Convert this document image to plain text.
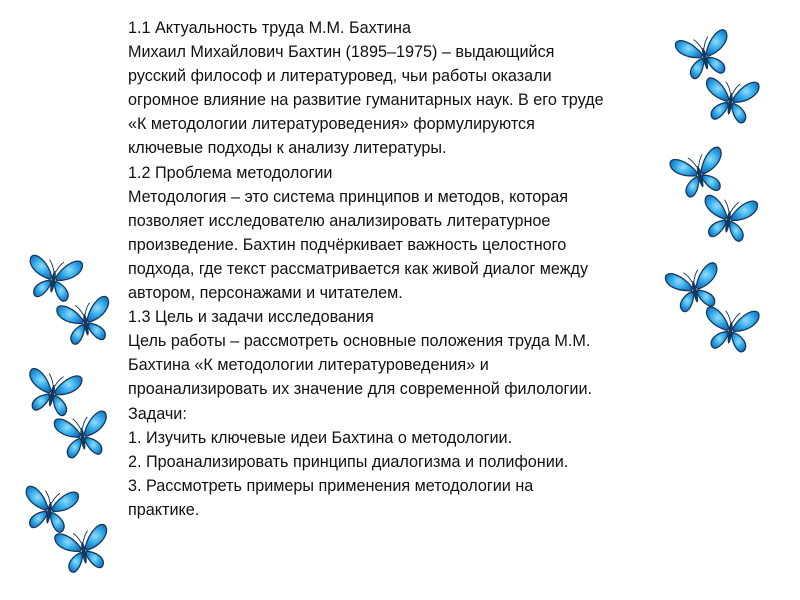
1.1 Актуальность труда М.М. Бахтина
Михаил Михайлович Бахтин (1895–1975) – выдающийся
русский философ и литературовед, чьи работы оказали
огромное влияние на развитие гуманитарных наук. В его труде
«К методологии литературоведения» формулируются
ключевые подходы к анализу литературы.
1.2 Проблема методологии
Методология – это система принципов и методов, которая
позволяет исследователю анализировать литературное
произведение. Бахтин подчёркивает важность целостного
подхода, где текст рассматривается как живой диалог между
автором, персонажами и читателем.
1.3 Цель и задачи исследования
Цель работы – рассмотреть основные положения труда М.М.
Бахтина «К методологии литературоведения» и
проанализировать их значение для современной филологии.
Задачи:
1. Изучить ключевые идеи Бахтина о методологии.
2. Проанализировать принципы диалогизма и полифонии.
3. Рассмотреть примеры применения методологии на
практике.
